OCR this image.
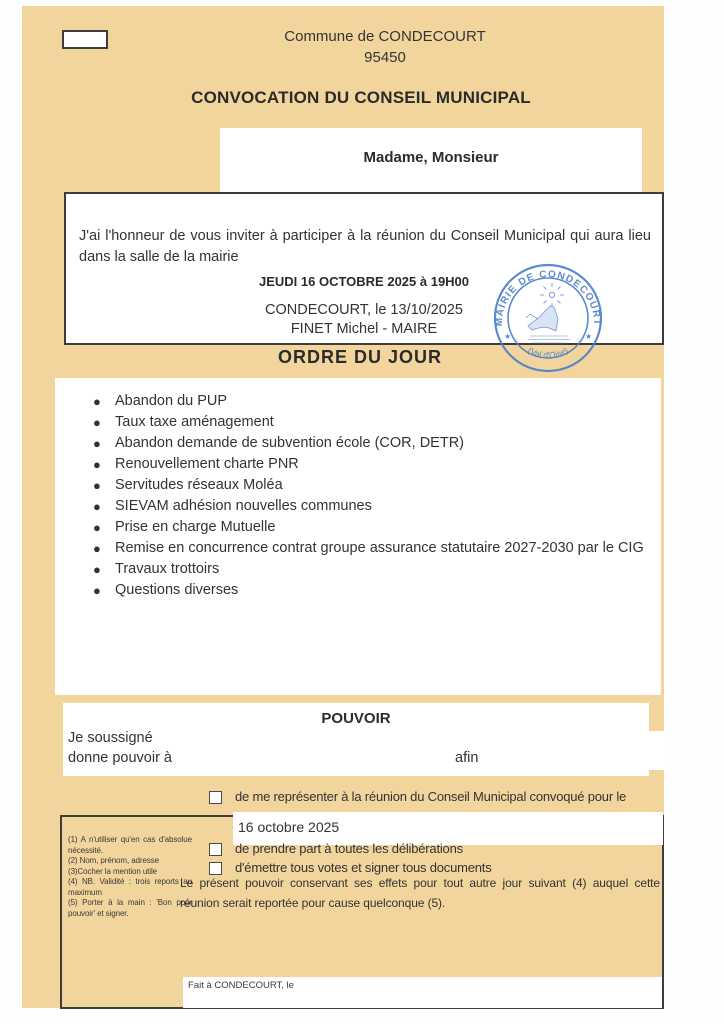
Commune de CONDECOURT
95450
CONVOCATION DU CONSEIL MUNICIPAL
Madame, Monsieur
J'ai l'honneur de vous inviter à participer à la réunion du Conseil Municipal qui aura lieu dans la salle de la mairie
JEUDI 16 OCTOBRE 2025 à 19H00
CONDECOURT, le 13/10/2025
FINET Michel - MAIRE	MAIRIE DE CONDECOURT
(Val d'Oise)
★	★
ORDRE DU JOUR
● Abandon du PUP
● Taux taxe aménagement
● Abandon demande de subvention école (COR, DETR)
● Renouvellement charte PNR
● Servitudes réseaux Moléa
● SIEVAM adhésion nouvelles communes
● Prise en charge Mutuelle
● Remise en concurrence contrat groupe assurance statutaire 2027-2030 par le CIG
● Travaux trottoirs
● Questions diverses
POUVOIR
Je soussigné
donne pouvoir à	afin
de me représenter à la réunion du Conseil Municipal convoqué pour le

(1) A n'utiliser qu'en cas d'absolue nécessité.

(2) Nom, prénom, adresse

(3)Cocher la mention utile

(4) NB. Validité : trois reports au maximum

(5) Porter à la main : 'Bon pour pouvoir' et signer.

16 octobre 2025
de prendre part à toutes les délibérations
d'émettre tous votes et signer tous documents
Le présent pouvoir conservant ses effets pour tout autre jour suivant (4) auquel cette réunion serait reportée pour cause quelconque (5).
Fait à CONDECOURT, le
